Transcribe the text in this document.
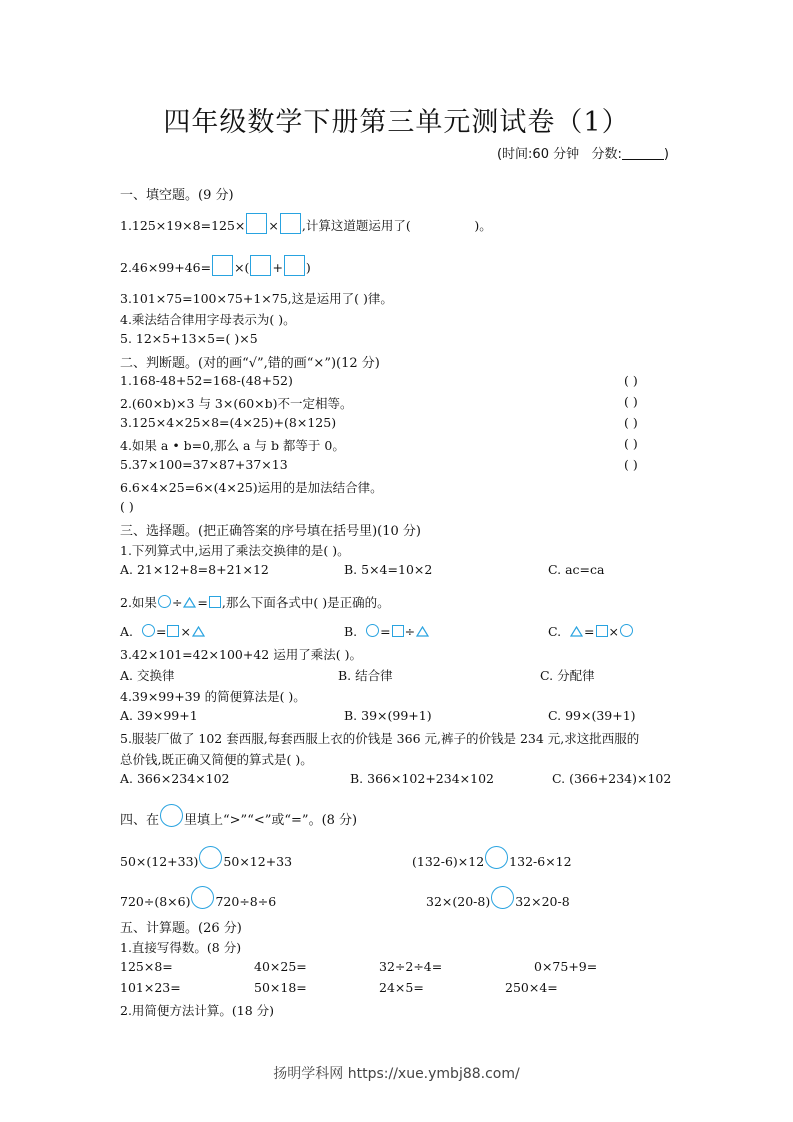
四年级数学下册第三单元测试卷（1）
(时间:60 分钟 分数:	)
一、填空题。(9 分)
1.125×19×8=125× × ,计算这道题运用了(	)。
2.46×99+46= ×( + )
3.101×75=100×75+1×75,这是运用了( )律。
4.乘法结合律用字母表示为( )。
5. 12×5+13×5=( )×5
二、判断题。(对的画“√”,错的画“×”)(12 分)
1.168-48+52=168-(48+52)	( )
2.(60×b)×3 与 3×(60×b)不一定相等。	( )
3.125×4×25×8=(4×25)+(8×125)	( )
4.如果 a • b=0,那么 a 与 b 都等于 0。	( )
5.37×100=37×87+37×13	( )
6.6×4×25=6×(4×25)运用的是加法结合律。
( )
三、选择题。(把正确答案的序号填在括号里)(10 分)
1.下列算式中,运用了乘法交换律的是( )。
A. 21×12+8=8+21×12	B. 5×4=10×2	C. ac=ca
2.如果 ÷ = ,那么下面各式中( )是正确的。
A. = ×	B. = ÷	C. = ×
3.42×101=42×100+42 运用了乘法( )。
A. 交换律	B. 结合律	C. 分配律
4.39×99+39 的简便算法是( )。
A. 39×99+1	B. 39×(99+1)	C. 99×(39+1)
5.服装厂做了 102 套西服,每套西服上衣的价钱是 366 元,裤子的价钱是 234 元,求这批西服的
总价钱,既正确又简便的算式是( )。
A. 366×234×102	B. 366×102+234×102	C. (366+234)×102
四、在 里填上“>”“<”或“=”。(8 分)
50×(12+33) 50×12+33	(132-6)×12 132-6×12
720÷(8×6) 720÷8÷6	32×(20-8) 32×20-8
五、计算题。(26 分)
1.直接写得数。(8 分)
125×8=	40×25=	32÷2÷4=	0×75+9=
101×23=	50×18=	24×5=	250×4=
2.用简便方法计算。(18 分)
扬明学科网 https://xue.ymbj88.com/
